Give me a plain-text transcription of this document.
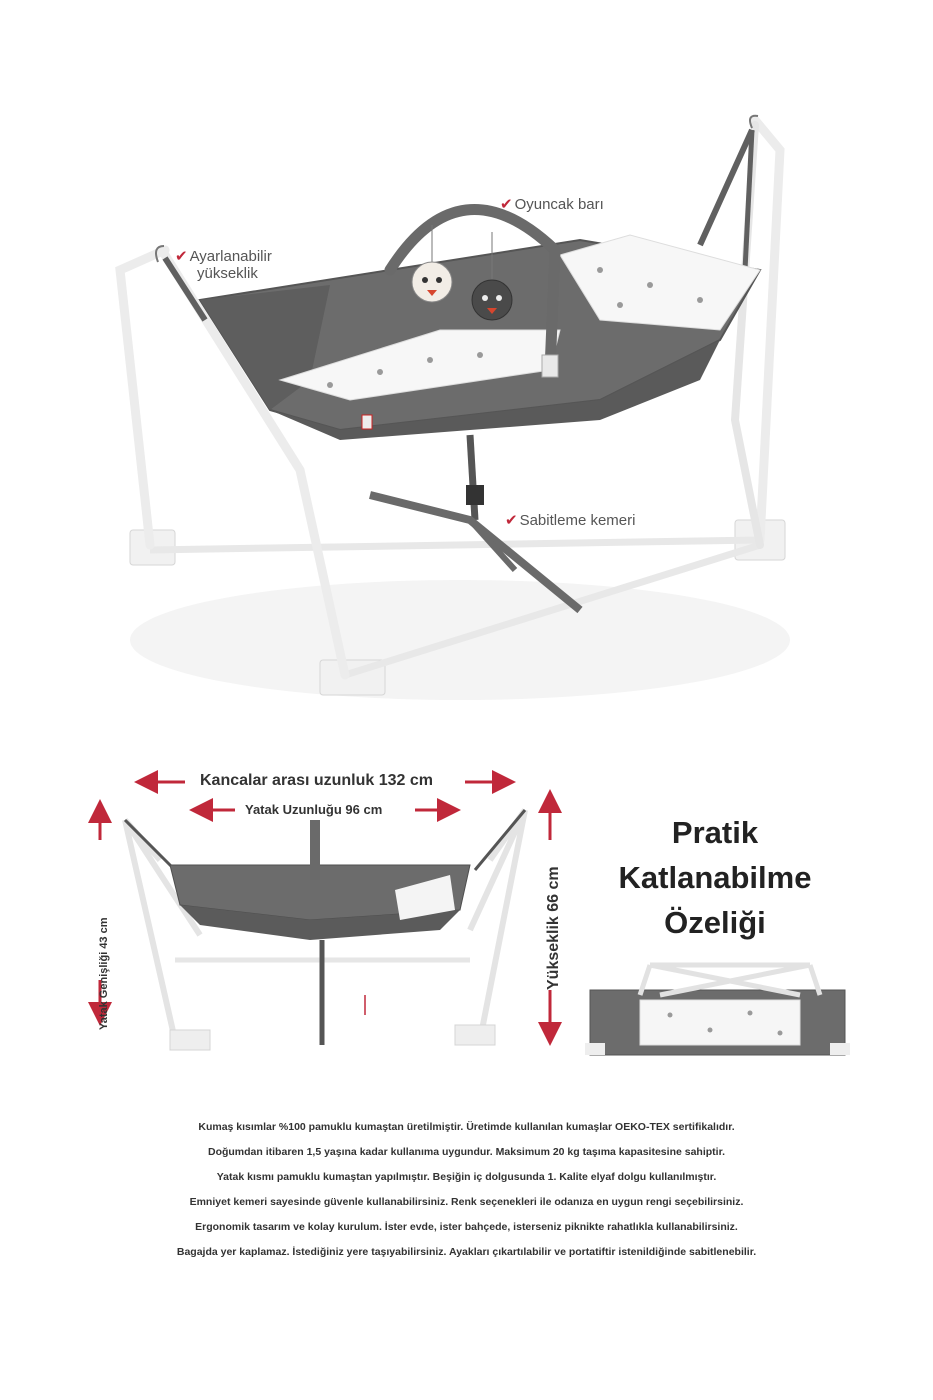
✔ Ayarlanabilir
yükseklik
✔ Oyuncak barı
✔ Sabitleme kemeri
Kancalar arası uzunluk 132 cm
Yatak Uzunluğu 96 cm
Yatak Genişliği 43 cm	Yükseklik 66 cm
Pratik
Katlanabilme
Özeliği
Kumaş kısımlar %100 pamuklu kumaştan üretilmiştir. Üretimde kullanılan kumaşlar OEKO-TEX sertifikalıdır.
Doğumdan itibaren 1,5 yaşına kadar kullanıma uygundur. Maksimum 20 kg taşıma kapasitesine sahiptir.
Yatak kısmı pamuklu kumaştan yapılmıştır. Beşiğin iç dolgusunda 1. Kalite elyaf dolgu kullanılmıştır.
Emniyet kemeri sayesinde güvenle kullanabilirsiniz. Renk seçenekleri ile odanıza en uygun rengi seçebilirsiniz.
Ergonomik tasarım ve kolay kurulum. İster evde, ister bahçede, isterseniz piknikte rahatlıkla kullanabilirsiniz.
Bagajda yer kaplamaz. İstediğiniz yere taşıyabilirsiniz. Ayakları çıkartılabilir ve portatiftir istenildiğinde sabitlenebilir.
